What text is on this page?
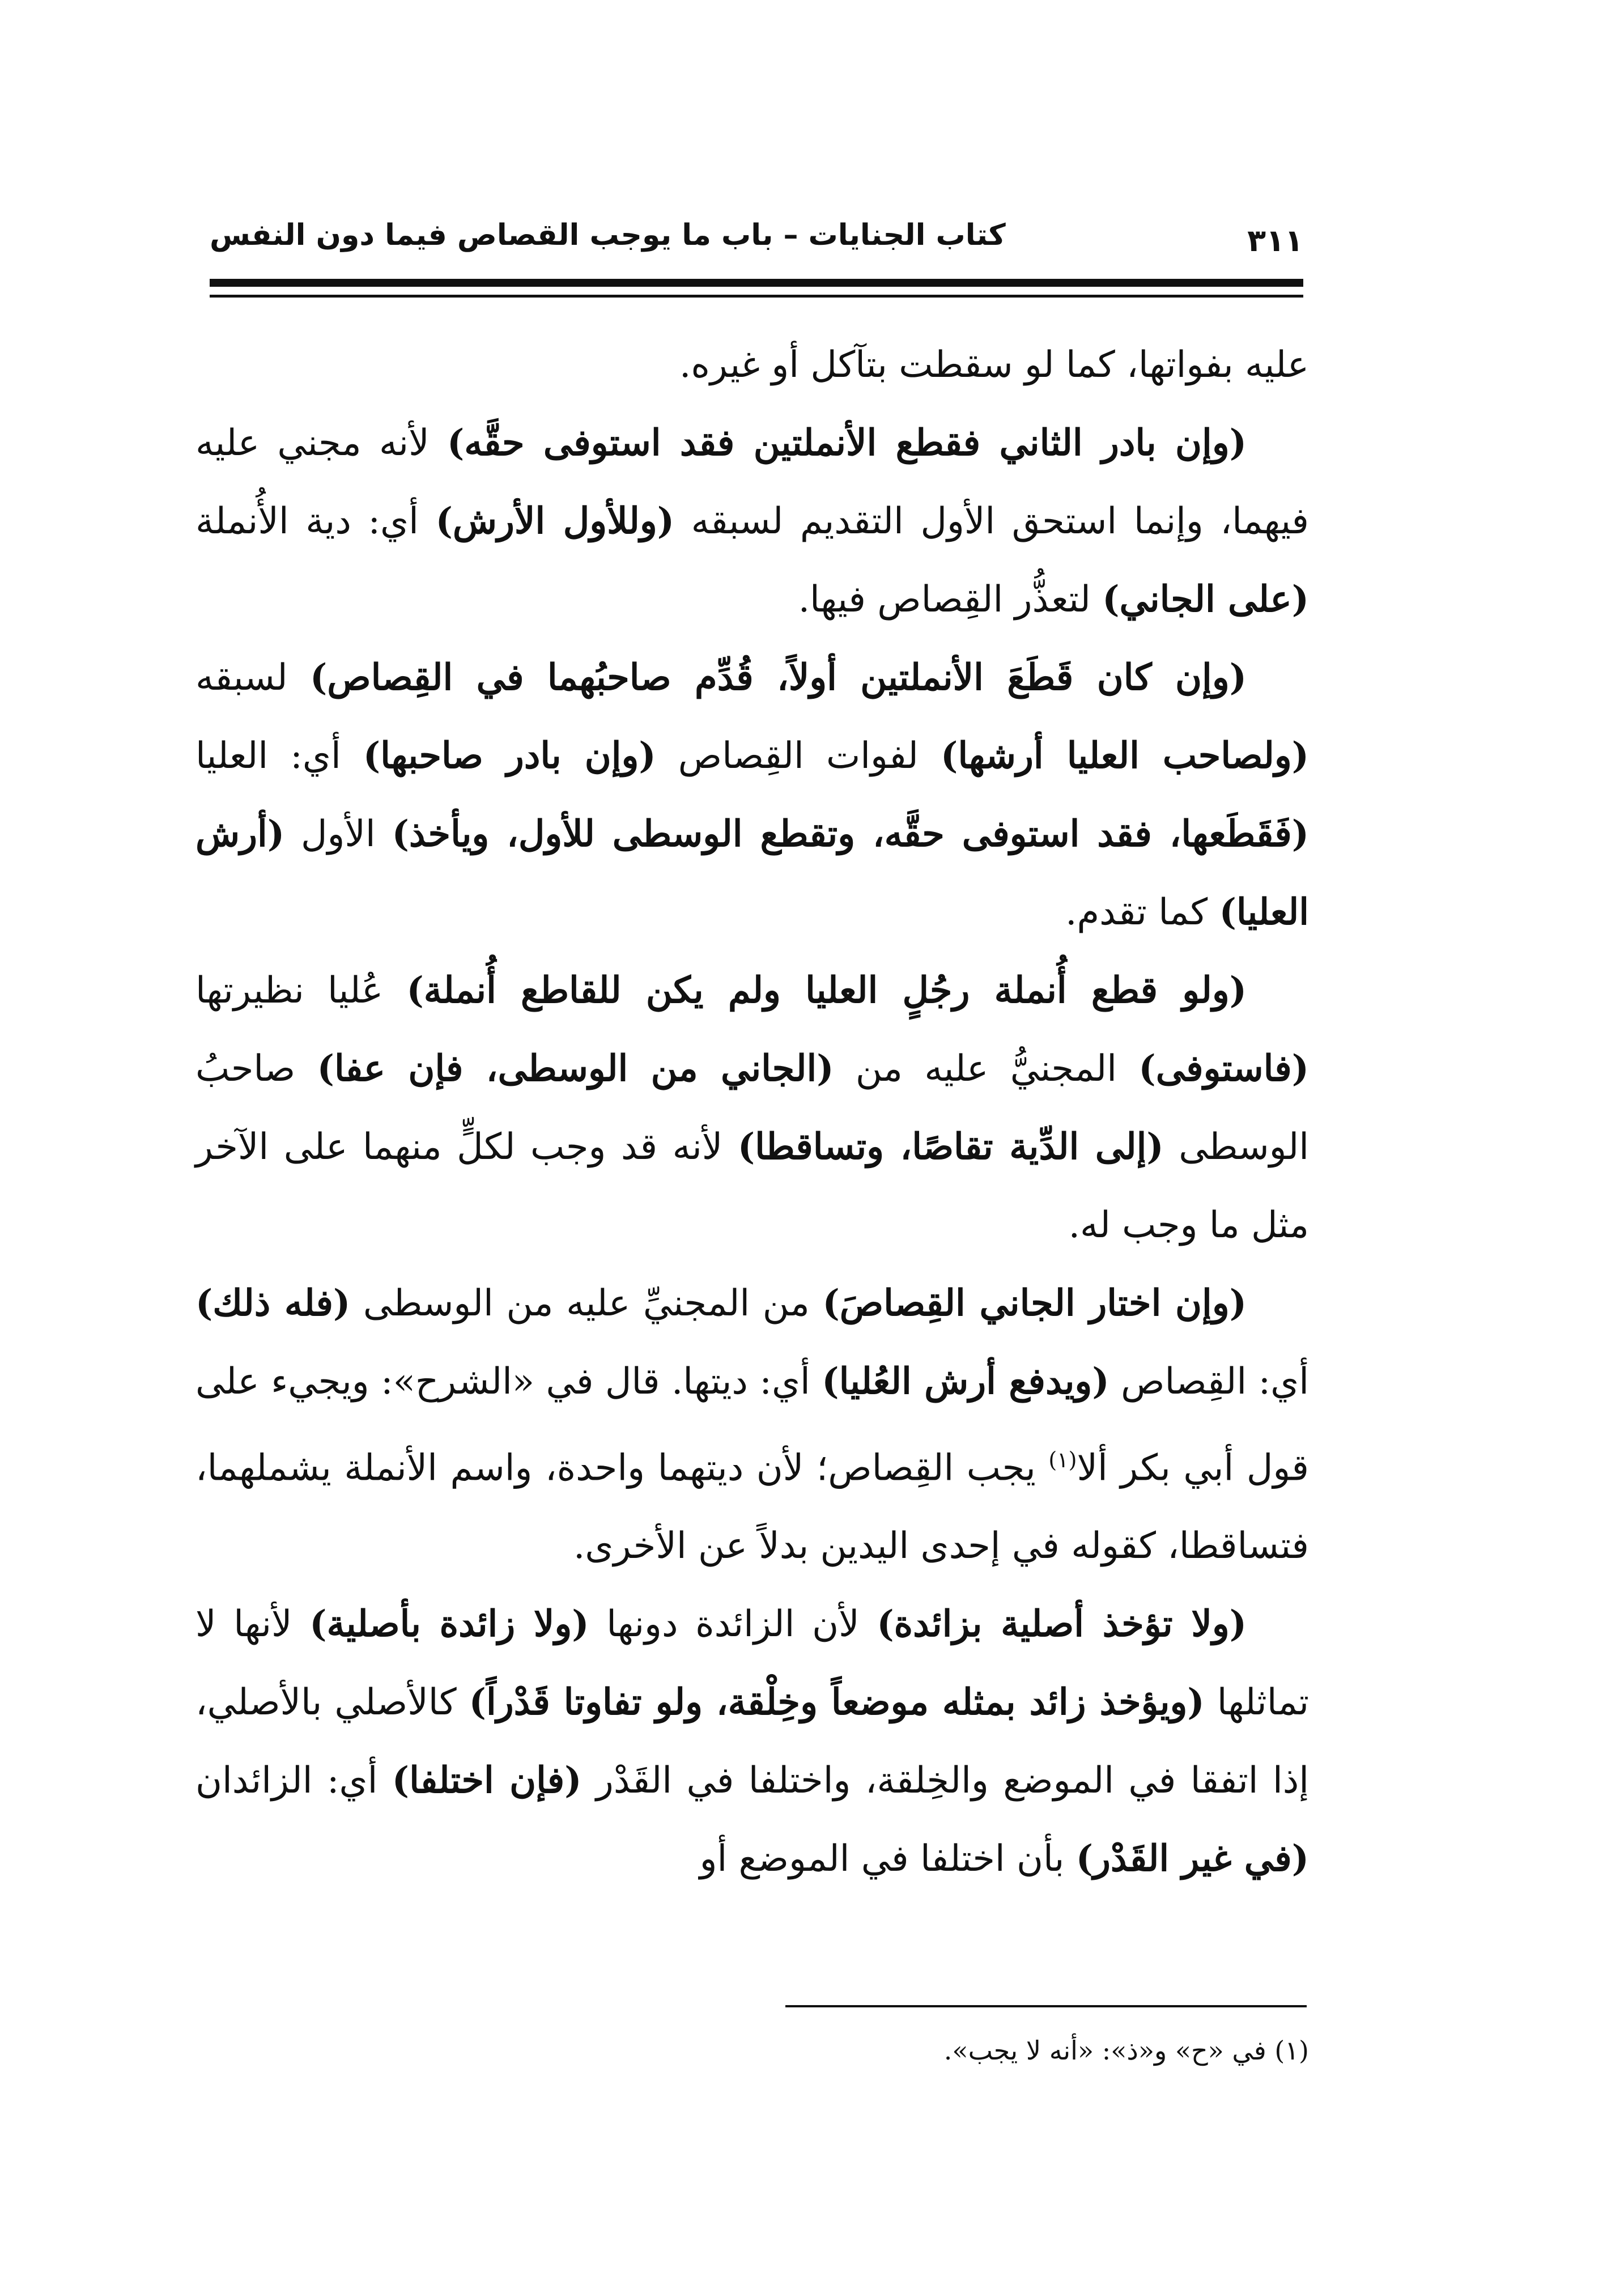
كتاب الجنايات – باب ما يوجب القصاص فيما دون النفس	٣١١

عليه بفواتها، كما لو سقطت بتآكل أو غيره.

(وإن بادر الثاني فقطع الأنملتين فقد استوفى حقَّه) لأنه مجني عليه فيهما، وإنما استحق الأول التقديم لسبقه (وللأول الأرش) أي: دية الأُنملة (على الجاني) لتعذُّر القِصاص فيها.

(وإن كان قَطَعَ الأنملتين أولاً، قُدِّم صاحبُهما في القِصاص) لسبقه (ولصاحب العليا أرشها) لفوات القِصاص (وإن بادر صاحبها) أي: العليا (فَقَطَعها، فقد استوفى حقَّه، وتقطع الوسطى للأول، ويأخذ) الأول (أرش العليا) كما تقدم.

(ولو قطع أُنملة رجُلٍ العليا ولم يكن للقاطع أُنملة) عُليا نظيرتها (فاستوفى) المجنيُّ عليه من (الجاني من الوسطى، فإن عفا) صاحبُ الوسطى (إلى الدِّية تقاصًا، وتساقطا) لأنه قد وجب لكلٍّ منهما على الآخر مثل ما وجب له.

(وإن اختار الجاني القِصاصَ) من المجنيِّ عليه من الوسطى (فله ذلك) أي: القِصاص (ويدفع أرش العُليا) أي: ديتها. قال في «الشرح»: ويجيء على قول أبي بكر ألا$^{(١)}$ يجب القِصاص؛ لأن ديتهما واحدة، واسم الأنملة يشملهما، فتساقطا، كقوله في إحدى اليدين بدلاً عن الأخرى.

(ولا تؤخذ أصلية بزائدة) لأن الزائدة دونها (ولا زائدة بأصلية) لأنها لا تماثلها (ويؤخذ زائد بمثله موضعاً وخِلْقة، ولو تفاوتا قَدْراً) كالأصلي بالأصلي، إذا اتفقا في الموضع والخِلقة، واختلفا في القَدْر (فإن اختلفا) أي: الزائدان (في غير القَدْر) بأن اختلفا في الموضع أو

(١) في «ح» و«ذ»: «أنه لا يجب».
